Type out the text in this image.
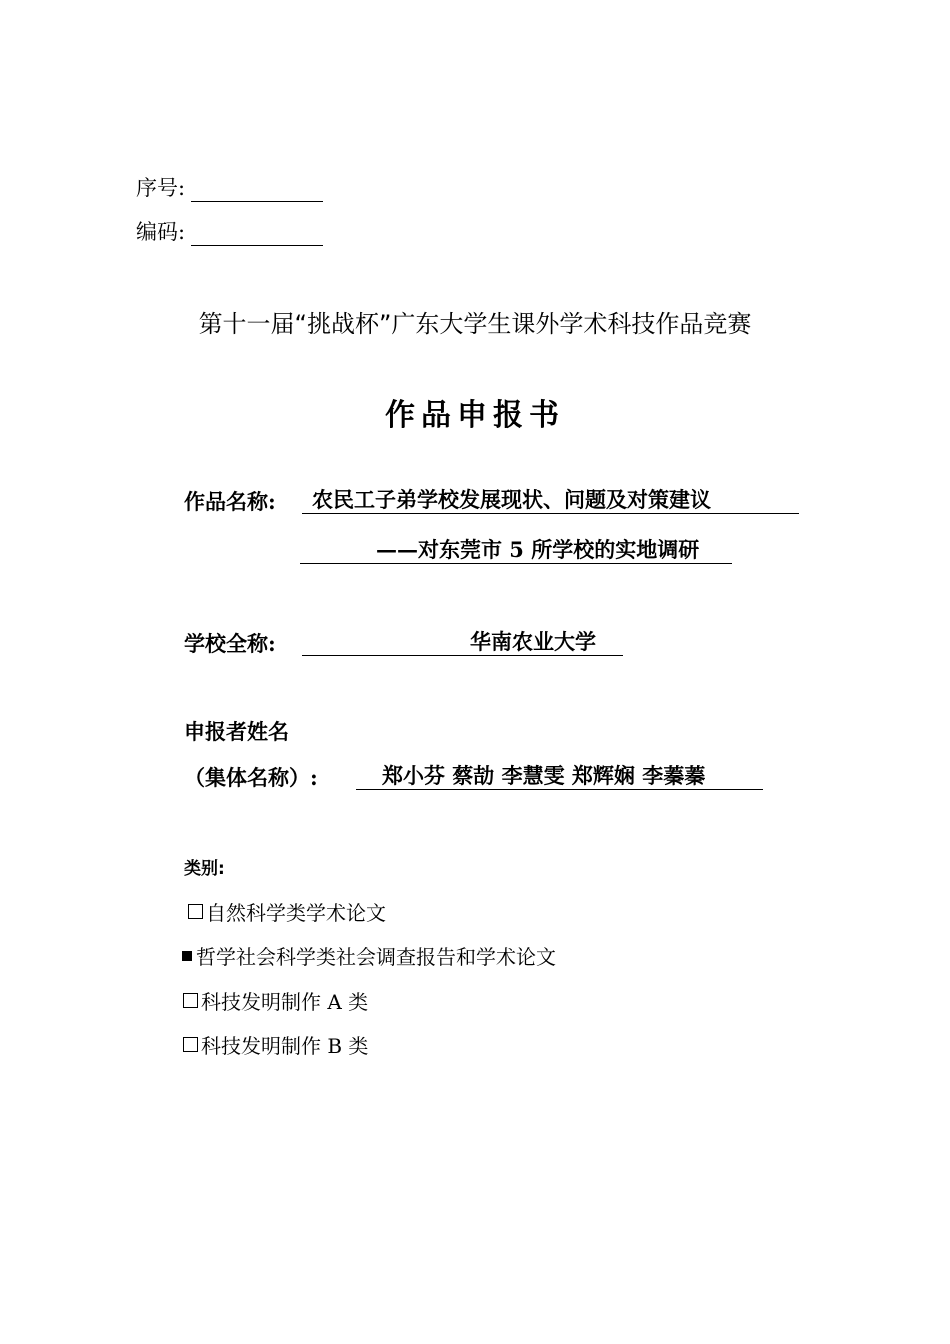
序号:
编码:
第十一届“挑战杯”广东大学生课外学术科技作品竞赛
作品申报书
作品名称:	农民工子弟学校发展现状、问题及对策建议
——对东莞市 5 所学校的实地调研
学校全称:	华南农业大学
申报者姓名
（集体名称）:	郑小芬 蔡劼 李慧雯 郑辉娴 李蓁蓁
类别:
自然科学类学术论文
哲学社会科学类社会调查报告和学术论文
科技发明制作 A 类
科技发明制作 B 类
